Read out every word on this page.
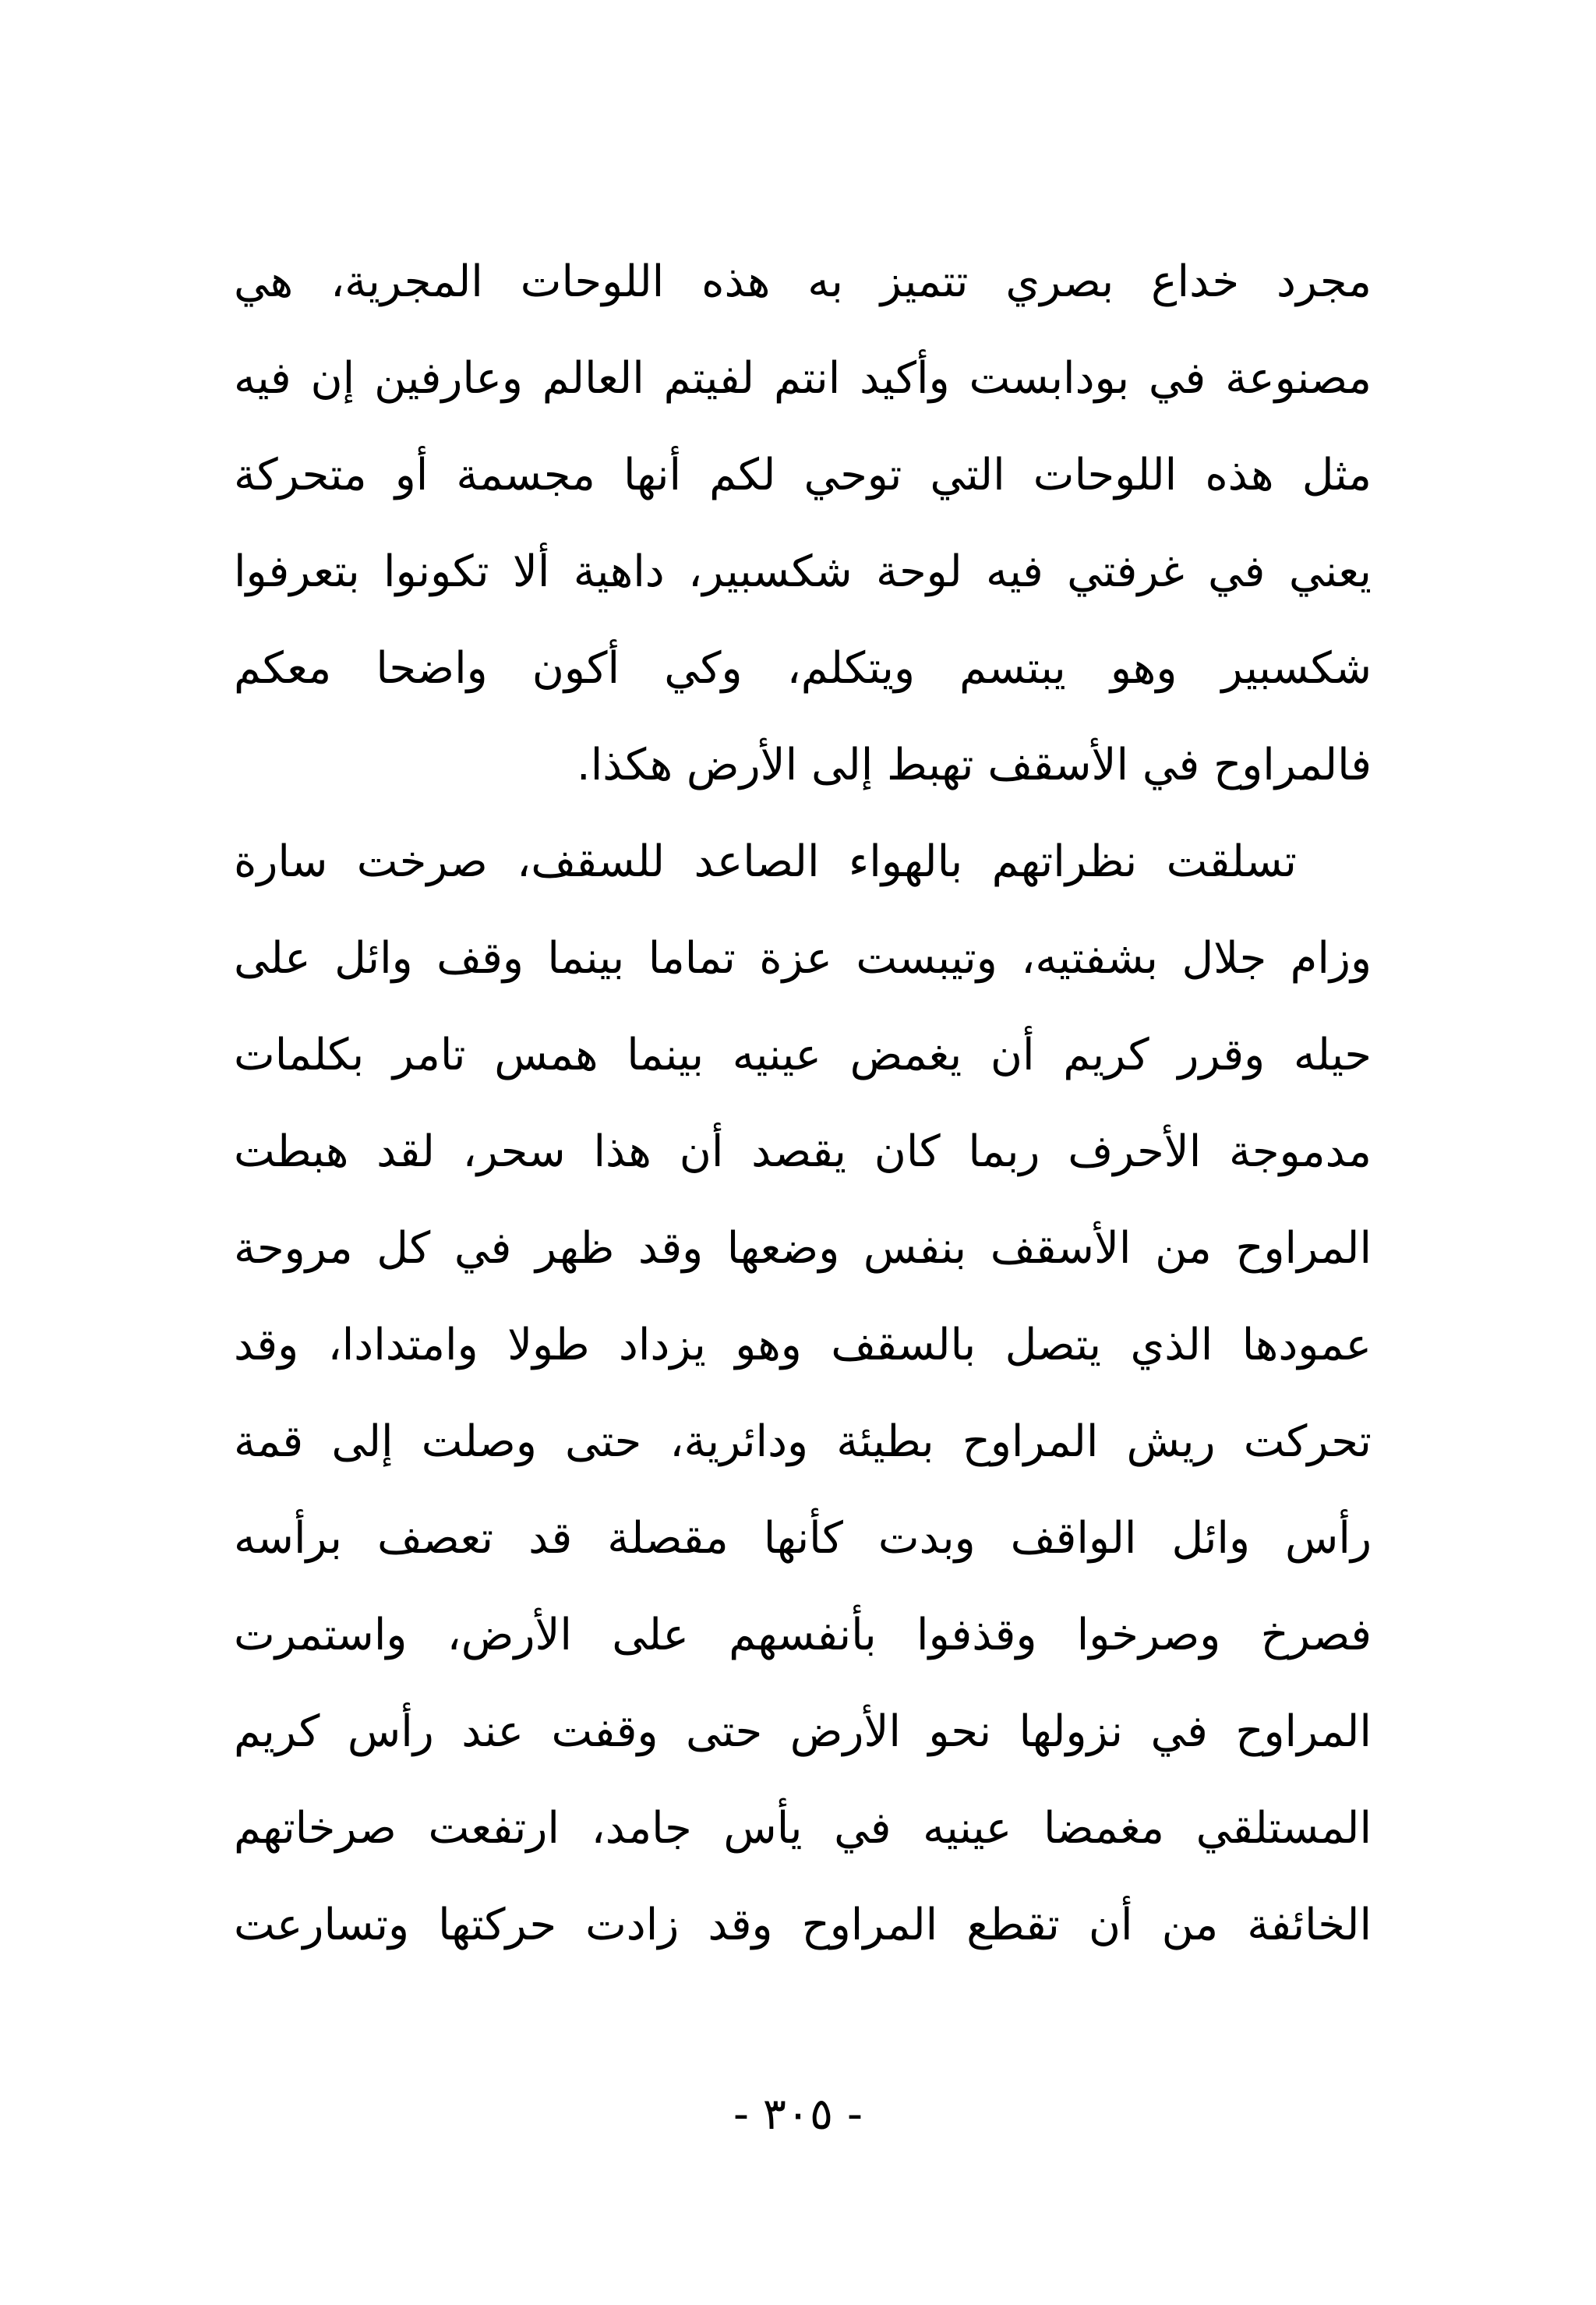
مجرد خداع بصري تتميز به هذه اللوحات المجرية، هي
مصنوعة في بودابست وأكيد انتم لفيتم العالم وعارفين إن فيه
مثل هذه اللوحات التي توحي لكم أنها مجسمة أو متحركة
يعني في غرفتي فيه لوحة شكسبير، داهية ألا تكونوا بتعرفوا
شكسبير وهو يبتسم ويتكلم، وكي أكون واضحا معكم
فالمراوح في الأسقف تهبط إلى الأرض هكذا.
تسلقت نظراتهم بالهواء الصاعد للسقف، صرخت سارة
وزام جلال بشفتيه، وتيبست عزة تماما بينما وقف وائل على
حيله وقرر كريم أن يغمض عينيه بينما همس تامر بكلمات
مدموجة الأحرف ربما كان يقصد أن هذا سحر، لقد هبطت
المراوح من الأسقف بنفس وضعها وقد ظهر في كل مروحة
عمودها الذي يتصل بالسقف وهو يزداد طولا وامتدادا، وقد
تحركت ريش المراوح بطيئة ودائرية، حتى وصلت إلى قمة
رأس وائل الواقف وبدت كأنها مقصلة قد تعصف برأسه
فصرخ وصرخوا وقذفوا بأنفسهم على الأرض، واستمرت
المراوح في نزولها نحو الأرض حتى وقفت عند رأس كريم
المستلقي مغمضا عينيه في يأس جامد، ارتفعت صرخاتهم
الخائفة من أن تقطع المراوح وقد زادت حركتها وتسارعت
- ٣٠٥ -
